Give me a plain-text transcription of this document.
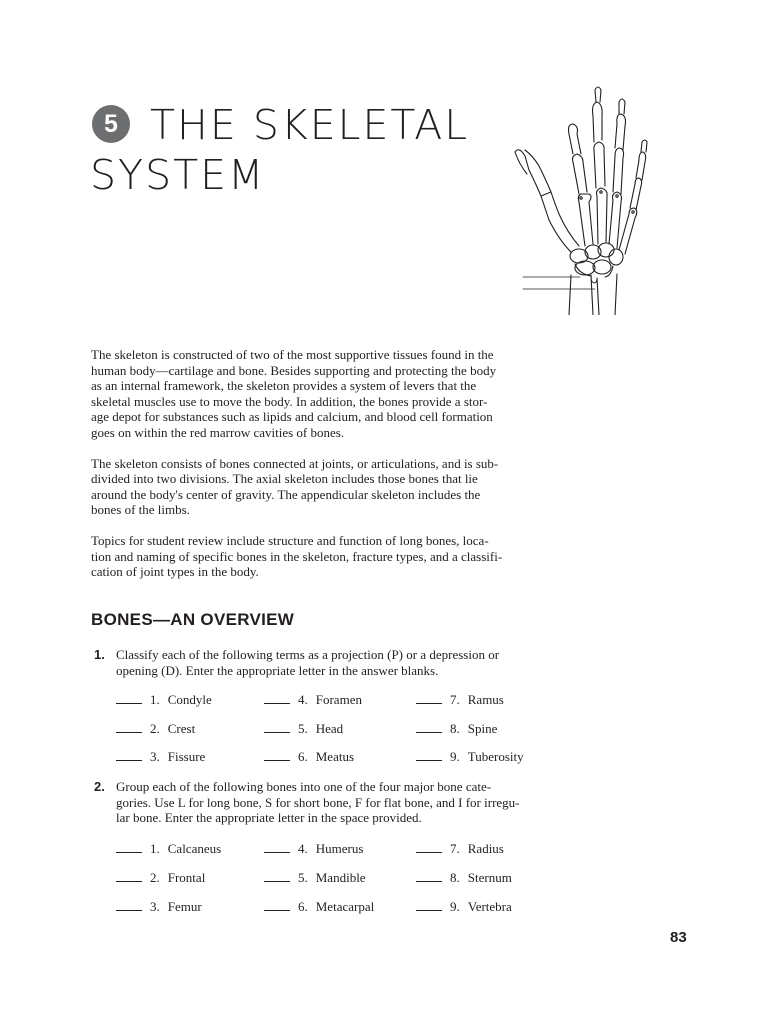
5 THE SKELETAL
SYSTEM

The skeleton is constructed of two of the most supportive tissues found in the
human body—cartilage and bone. Besides supporting and protecting the body
as an internal framework, the skeleton provides a system of levers that the
skeletal muscles use to move the body. In addition, the bones provide a stor-
age depot for substances such as lipids and calcium, and blood cell formation
goes on within the red marrow cavities of bones.

The skeleton consists of bones connected at joints, or articulations, and is sub-
divided into two divisions. The axial skeleton includes those bones that lie
around the body's center of gravity. The appendicular skeleton includes the
bones of the limbs.

Topics for student review include structure and function of long bones, loca-
tion and naming of specific bones in the skeleton, fracture types, and a classifi-
cation of joint types in the body.

BONES—AN OVERVIEW
1. Classify each of the following terms as a projection (P) or a depression or
opening (D). Enter the appropriate letter in the answer blanks.
1. Condyle
2. Crest
3. Fissure
4. Foramen
5. Head
6. Meatus
7. Ramus
8. Spine
9. Tuberosity
2. Group each of the following bones into one of the four major bone cate-
gories. Use L for long bone, S for short bone, F for flat bone, and I for irregu-
lar bone. Enter the appropriate letter in the space provided.
1. Calcaneus
2. Frontal
3. Femur
4. Humerus
5. Mandible
6. Metacarpal
7. Radius
8. Sternum
9. Vertebra
83
